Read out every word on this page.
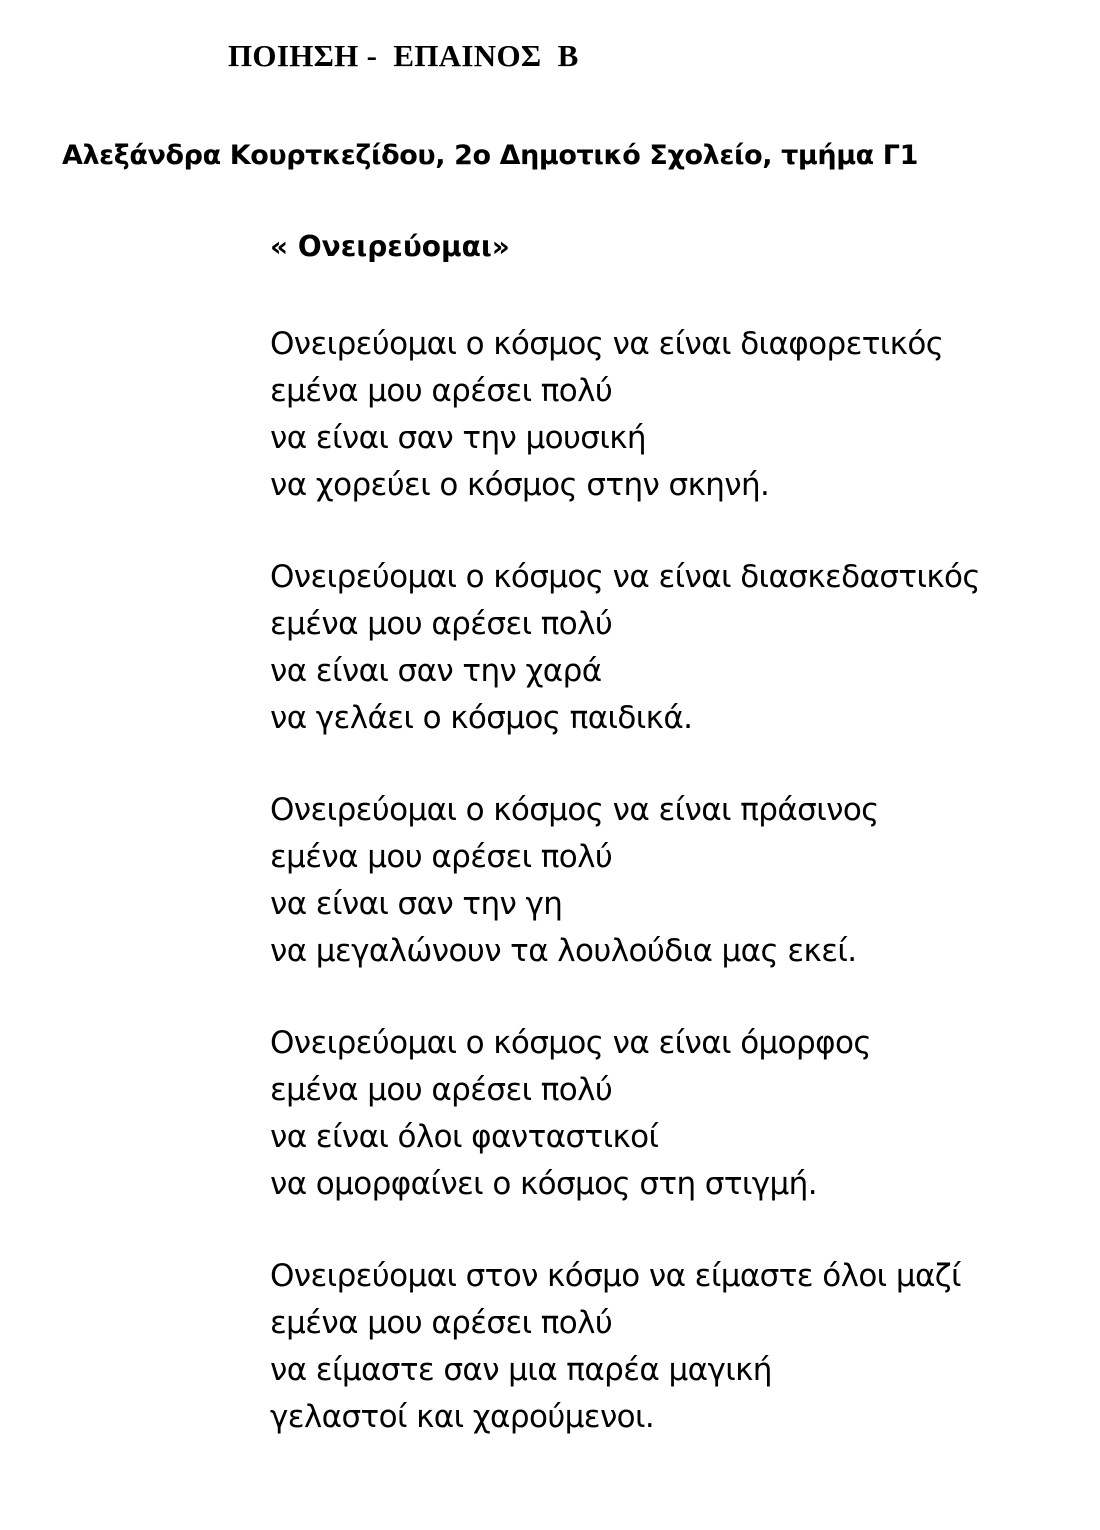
ΠΟΙΗΣΗ -  ΕΠΑΙΝΟΣ  Β

Αλεξάνδρα Κουρτκεζίδου, 2ο Δημοτικό Σχολείο, τμήμα Γ1

« Ονειρεύομαι»
Ονειρεύομαι ο κόσμος να είναι διαφορετικός
εμένα μου αρέσει πολύ
να είναι σαν την μουσική
να χορεύει ο κόσμος στην σκηνή.
Ονειρεύομαι ο κόσμος να είναι διασκεδαστικός
εμένα μου αρέσει πολύ
να είναι σαν την χαρά
να γελάει ο κόσμος παιδικά.
Ονειρεύομαι ο κόσμος να είναι πράσινος
εμένα μου αρέσει πολύ
να είναι σαν την γη
να μεγαλώνουν τα λουλούδια μας εκεί.
Ονειρεύομαι ο κόσμος να είναι όμορφος
εμένα μου αρέσει πολύ
να είναι όλοι φανταστικοί
να ομορφαίνει ο κόσμος στη στιγμή.
Ονειρεύομαι στον κόσμο να είμαστε όλοι μαζί
εμένα μου αρέσει πολύ
να είμαστε σαν μια παρέα μαγική
γελαστοί και χαρούμενοι.
